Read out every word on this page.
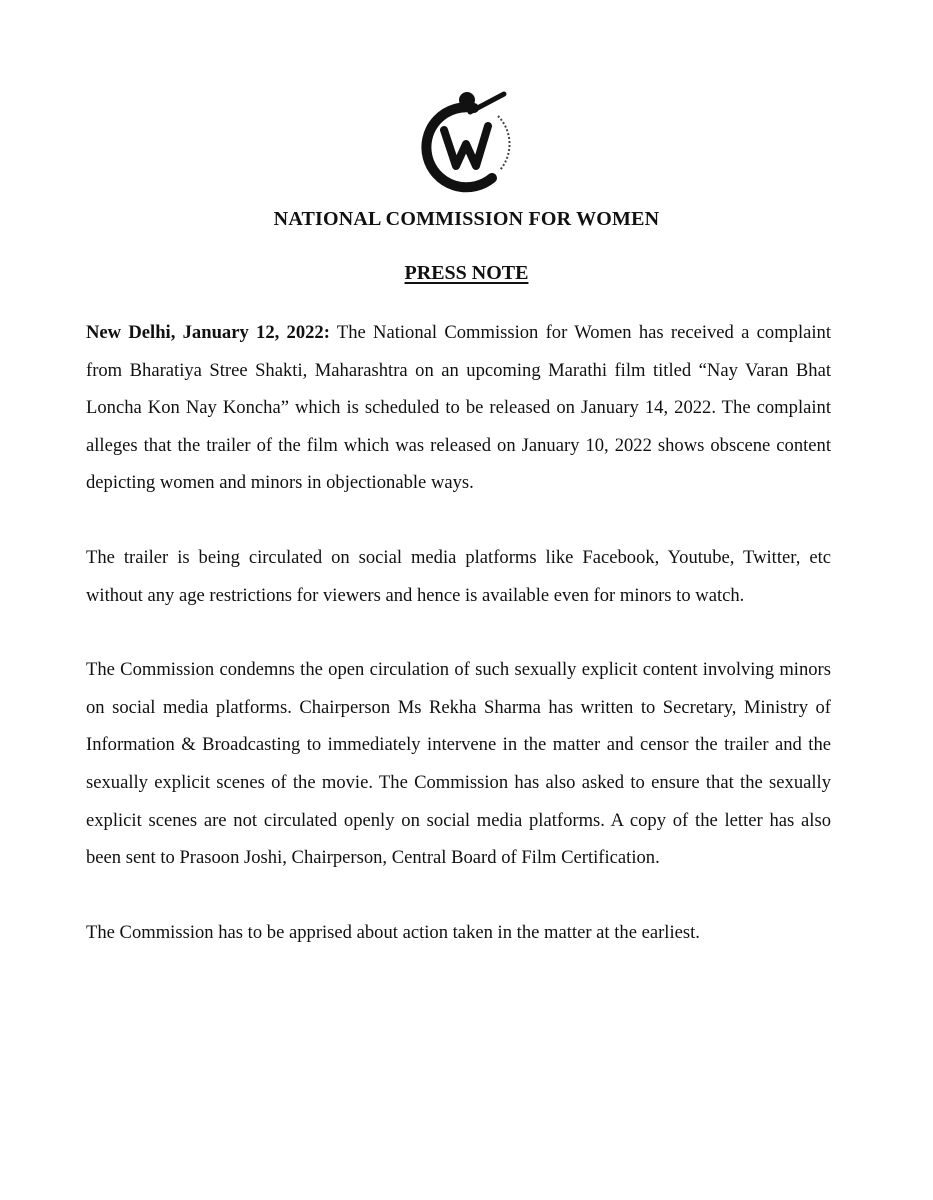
NATIONAL COMMISSION FOR WOMEN
PRESS NOTE

New Delhi, January 12, 2022: The National Commission for Women has received a complaint from Bharatiya Stree Shakti, Maharashtra on an upcoming Marathi film titled “Nay Varan Bhat Loncha Kon Nay Koncha” which is scheduled to be released on January 14, 2022. The complaint alleges that the trailer of the film which was released on January 10, 2022 shows obscene content depicting women and minors in objectionable ways.

The trailer is being circulated on social media platforms like Facebook, Youtube, Twitter, etc without any age restrictions for viewers and hence is available even for minors to watch.

The Commission condemns the open circulation of such sexually explicit content involving minors on social media platforms. Chairperson Ms Rekha Sharma has written to Secretary, Ministry of Information & Broadcasting to immediately intervene in the matter and censor the trailer and the sexually explicit scenes of the movie. The Commission has also asked to ensure that the sexually explicit scenes are not circulated openly on social media platforms. A copy of the letter has also been sent to Prasoon Joshi, Chairperson, Central Board of Film Certification.

The Commission has to be apprised about action taken in the matter at the earliest.
